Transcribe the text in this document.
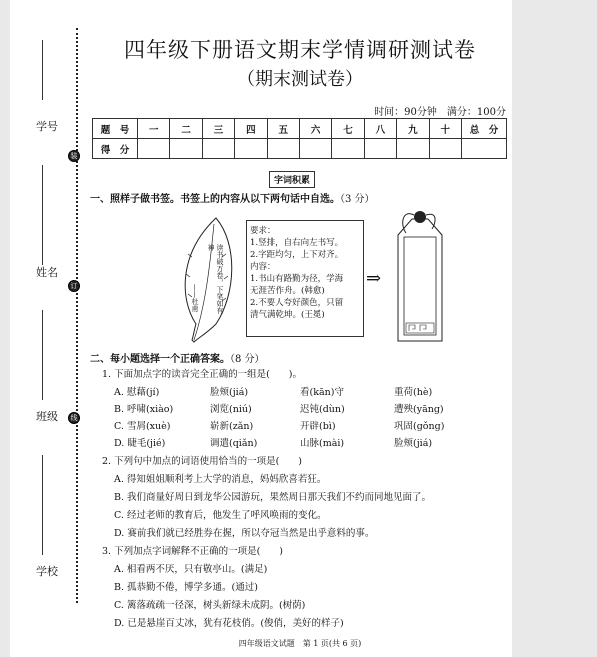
学号
姓名
班级
学校
装
订
线
四年级下册语文期末学情调研测试卷
（期末测试卷）
时间：90分钟　满分：100分
题　号	一	二	三	四	五	六	七	八	九	十	总　分
得　分											
字词积累
一、照样子做书签。书签上的内容从以下两句话中自选。（3 分）
读书破万卷，下笔如有神
——杜甫
要求：
1.竖排，自右向左书写。
2.字距均匀，上下对齐。
内容：
1.书山有路勤为径，学海
无涯苦作舟。(韩愈)
2.不要人夸好颜色，只留
清气满乾坤。(王冕)
⇒
二、每小题选择一个正确答案。（8 分）
1. 下面加点字的读音完全正确的一组是(　　)。
A. 慰藉(jí)	脸颊(jiá)	看(kān)守	重荷(hè)
B. 呼啸(xiào)	浏览(niú)	迟钝(dùn)	遭殃(yāng)
C. 雪屑(xuè)	崭新(zǎn)	开辟(bì)	巩固(gǒng)
D. 睫毛(jié)	调遣(qiǎn)	山脉(mài)	脸颊(jiá)
2. 下列句中加点的词语使用恰当的一项是(　　)
A. 得知姐姐顺利考上大学的消息，妈妈欣喜若狂。
B. 我们商量好周日到龙华公园游玩，果然周日那天我们不约而同地见面了。
C. 经过老师的教育后，他发生了呼风唤雨的变化。
D. 赛前我们就已经胜券在握，所以夺冠当然是出乎意料的事。
3. 下列加点字词解释不正确的一项是(　　)
A. 相看两不厌，只有敬亭山。(满足)
B. 孤恭勤不倦，博学多通。(通过)
C. 篱落疏疏一径深，树头新绿未成阴。(树荫)
D. 已是悬崖百丈冰，犹有花枝俏。(俊俏，美好的样子)
四年级语文试题　第 1 页(共 6 页)
